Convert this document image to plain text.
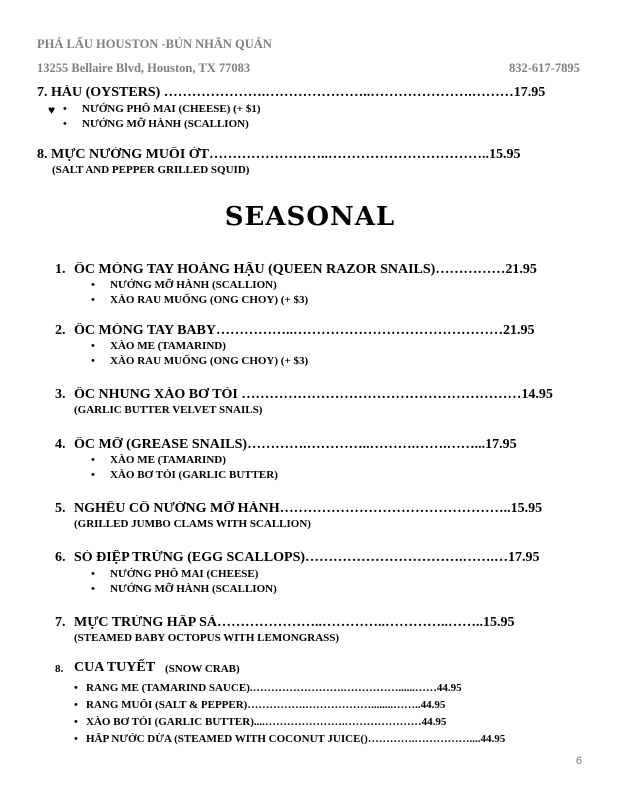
PHÁ LẤU HOUSTON -BÚN NHÂN QUÁN
13255 Bellaire Blvd, Houston, TX 77083	832-617-7895
7. HÀU (OYSTERS) ………………….…………………..………………….………17.95
♥ • NƯỚNG PHÔ MAI (CHEESE) (+ $1)
• NƯỚNG MỠ HÀNH (SCALLION)
8. MỰC NƯỚNG MUỐI ỚT……………………..……………………………..15.95
(SALT AND PEPPER GRILLED SQUID)
SEASONAL
1. ỐC MÓNG TAY HOÀNG HẬU (QUEEN RAZOR SNAILS)……………21.95
• NƯỚNG MỠ HÀNH (SCALLION)
• XÀO RAU MUỐNG (ONG CHOY) (+ $3)
2. ỐC MÓNG TAY BABY……………..………………………………………21.95
• XÀO ME (TAMARIND)
• XÀO RAU MUỐNG (ONG CHOY) (+ $3)
3. ỐC NHUNG XÀO BƠ TỎI ……………………………………………………14.95
(GARLIC BUTTER VELVET SNAILS)
4. ỐC MỠ (GREASE SNAILS)………….…………..……….…….……...17.95
• XÀO ME (TAMARIND)
• XÀO BƠ TỎI (GARLIC BUTTER)
5. NGHÊU CỒ NƯỚNG MỠ HÀNH…………………………………………..15.95
(GRILLED JUMBO CLAMS WITH SCALLION)
6. SÒ ĐIỆP TRỨNG (EGG SCALLOPS)…………………………….…….…17.95
• NƯỚNG PHÔ MAI (CHEESE)
• NƯỚNG MỠ HÀNH (SCALLION)
7. MỰC TRỨNG HẤP SẢ…………………..…………..…………..……..15.95
(STEAMED BABY OCTOPUS WITH LEMONGRASS)
8. CUA TUYẾT (SNOW CRAB)
• RANG ME (TAMARIND SAUCE).…………………….……………......……44.95
• RANG MUỐI (SALT & PEPPER)…………….………………........……..44.95
• XÀO BƠ TỎI (GARLIC BUTTER)....………………….…………………44.95
• HẤP NƯỚC DỪA (STEAMED WITH COCONUT JUICE()………….……………....44.95
6
